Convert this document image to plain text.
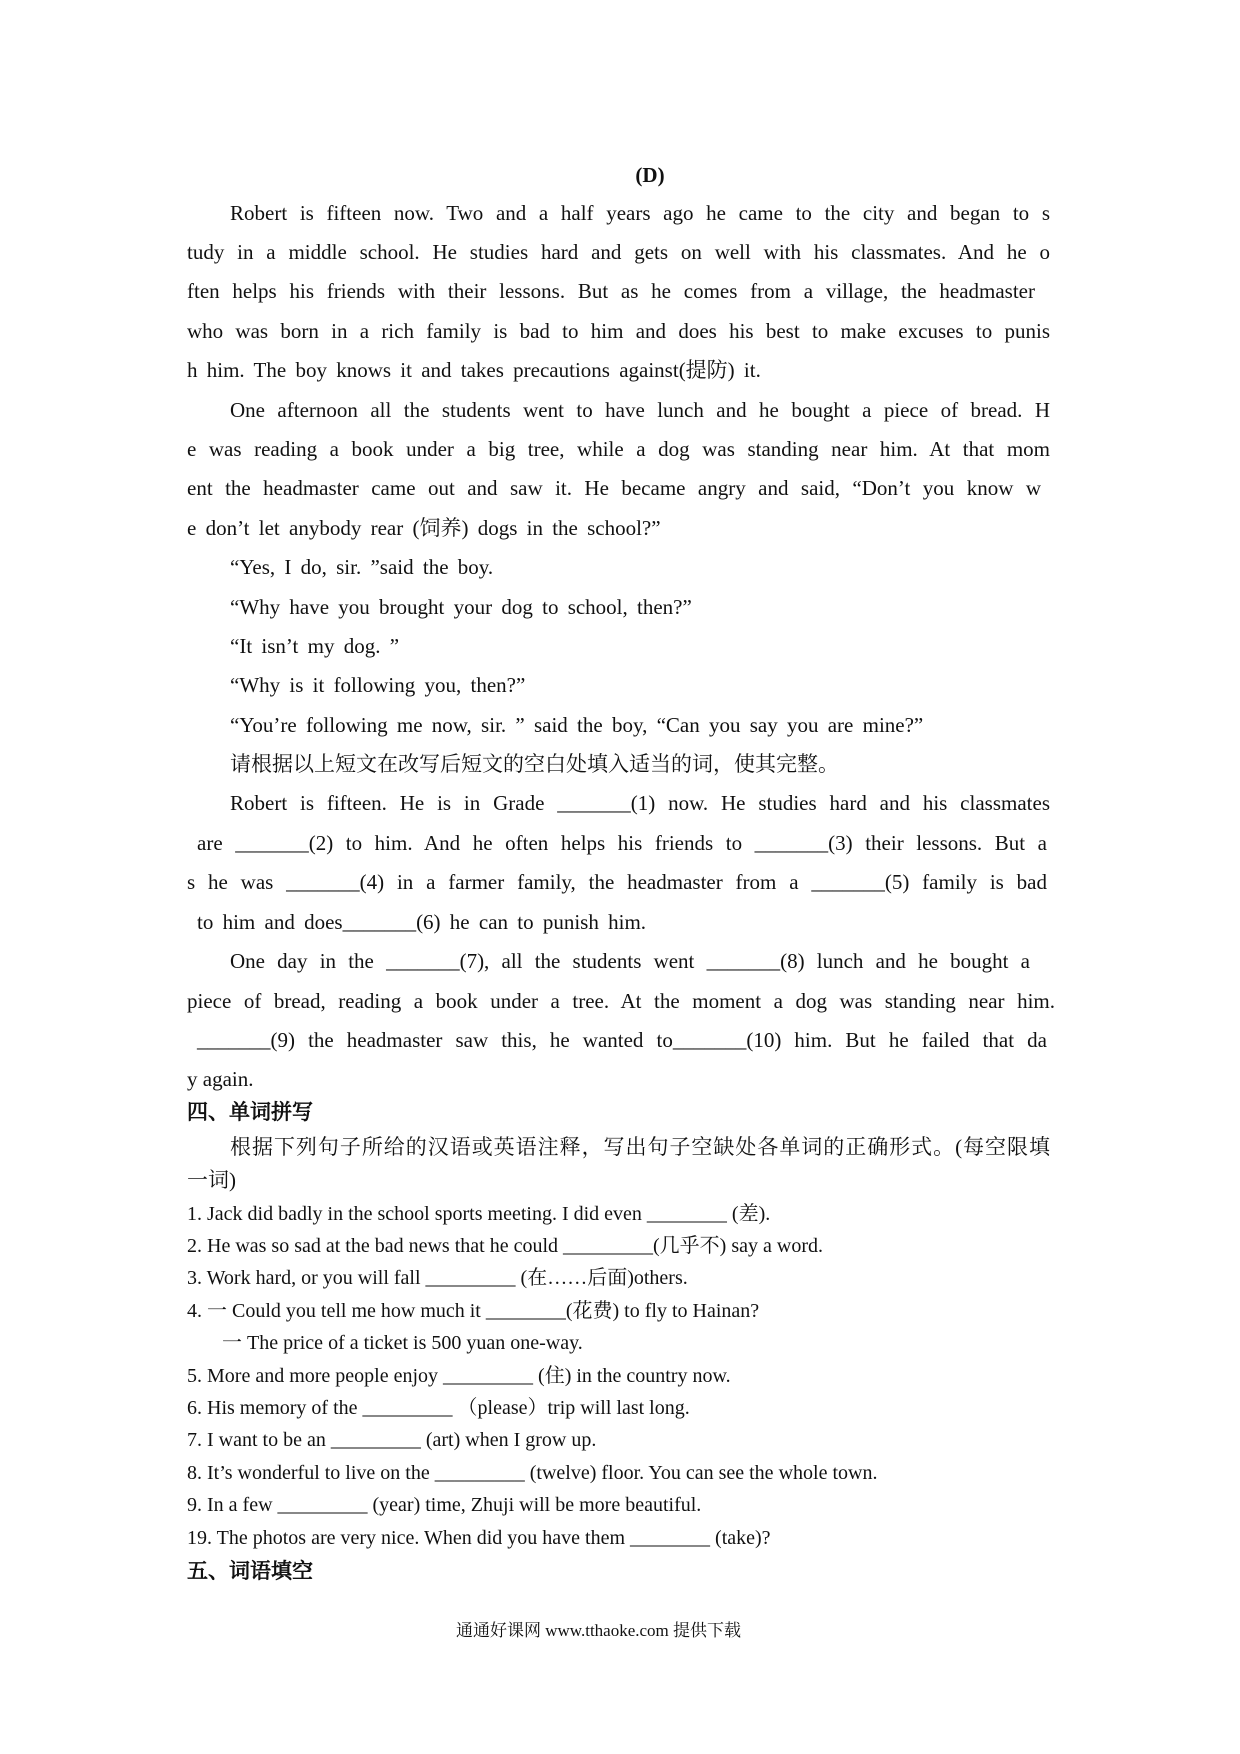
(D)
Robert is fifteen now. Two and a half years ago he came to the city and began to s
tudy in a middle school. He studies hard and gets on well with his classmates. And he o
ften helps his friends with their lessons. But as he comes from a village, the headmaster
who was born in a rich family is bad to him and does his best to make excuses to punis
h him. The boy knows it and takes precautions against(提防) it.
One afternoon all the students went to have lunch and he bought a piece of bread. H
e was reading a book under a big tree, while a dog was standing near him. At that mom
ent the headmaster came out and saw it. He became angry and said, “Don’t you know w
e don’t let anybody rear (饲养) dogs in the school?”
“Yes, I do, sir. ”said the boy.
“Why have you brought your dog to school, then?”
“It isn’t my dog. ”
“Why is it following you, then?”
“You’re following me now, sir. ” said the boy, “Can you say you are mine?”
请根据以上短文在改写后短文的空白处填入适当的词，使其完整。
Robert is fifteen. He is in Grade _______(1) now. He studies hard and his classmates
are _______(2) to him. And he often helps his friends to _______(3) their lessons. But a
s he was _______(4) in a farmer family, the headmaster from a _______(5) family is bad
to him and does_______(6) he can to punish him.
One day in the _______(7), all the students went _______(8) lunch and he bought a
piece of bread, reading a book under a tree. At the moment a dog was standing near him.
_______(9) the headmaster saw this, he wanted to_______(10) him. But he failed that da
y again.
四、单词拼写
根据下列句子所给的汉语或英语注释，写出句子空缺处各单词的正确形式。(每空限填
一词)
1. Jack did badly in the school sports meeting. I did even ________ (差).
2. He was so sad at the bad news that he could _________(几乎不) say a word.
3. Work hard, or you will fall _________ (在……后面)others.
4. 一 Could you tell me how much it ________(花费) to fly to Hainan?
一 The price of a ticket is 500 yuan one-way.
5. More and more people enjoy _________ (住) in the country now.
6. His memory of the _________ （please）trip will last long.
7. I want to be an _________ (art) when I grow up.
8. It’s wonderful to live on the _________ (twelve) floor. You can see the whole town.
9. In a few _________ (year) time, Zhuji will be more beautiful.
19. The photos are very nice. When did you have them ________ (take)?
五、词语填空
通通好课网 www.tthaoke.com 提供下载
